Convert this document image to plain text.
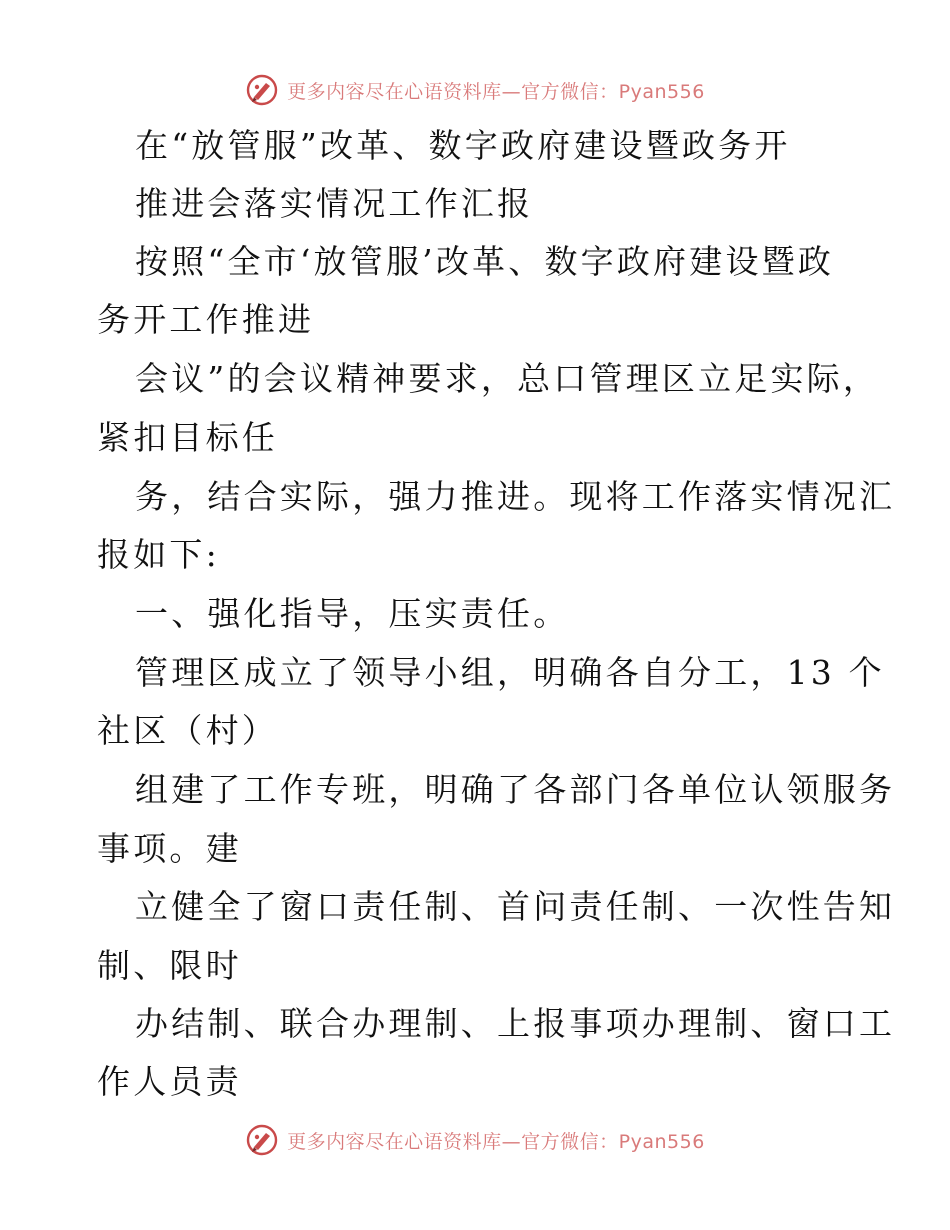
更多内容尽在心语资料库—官方微信：Pyan556
在“放管服”改革、数字政府建设暨政务开
推进会落实情况工作汇报
按照“全市‘放管服’改革、数字政府建设暨政
务开工作推进
会议”的会议精神要求，总口管理区立足实际，
紧扣目标任
务，结合实际，强力推进。现将工作落实情况汇
报如下:
一、强化指导，压实责任。
管理区成立了领导小组，明确各自分工，13 个
社区（村）
组建了工作专班，明确了各部门各单位认领服务
事项。建
立健全了窗口责任制、首问责任制、一次性告知
制、限时
办结制、联合办理制、上报事项办理制、窗口工
作人员责
更多内容尽在心语资料库—官方微信：Pyan556
